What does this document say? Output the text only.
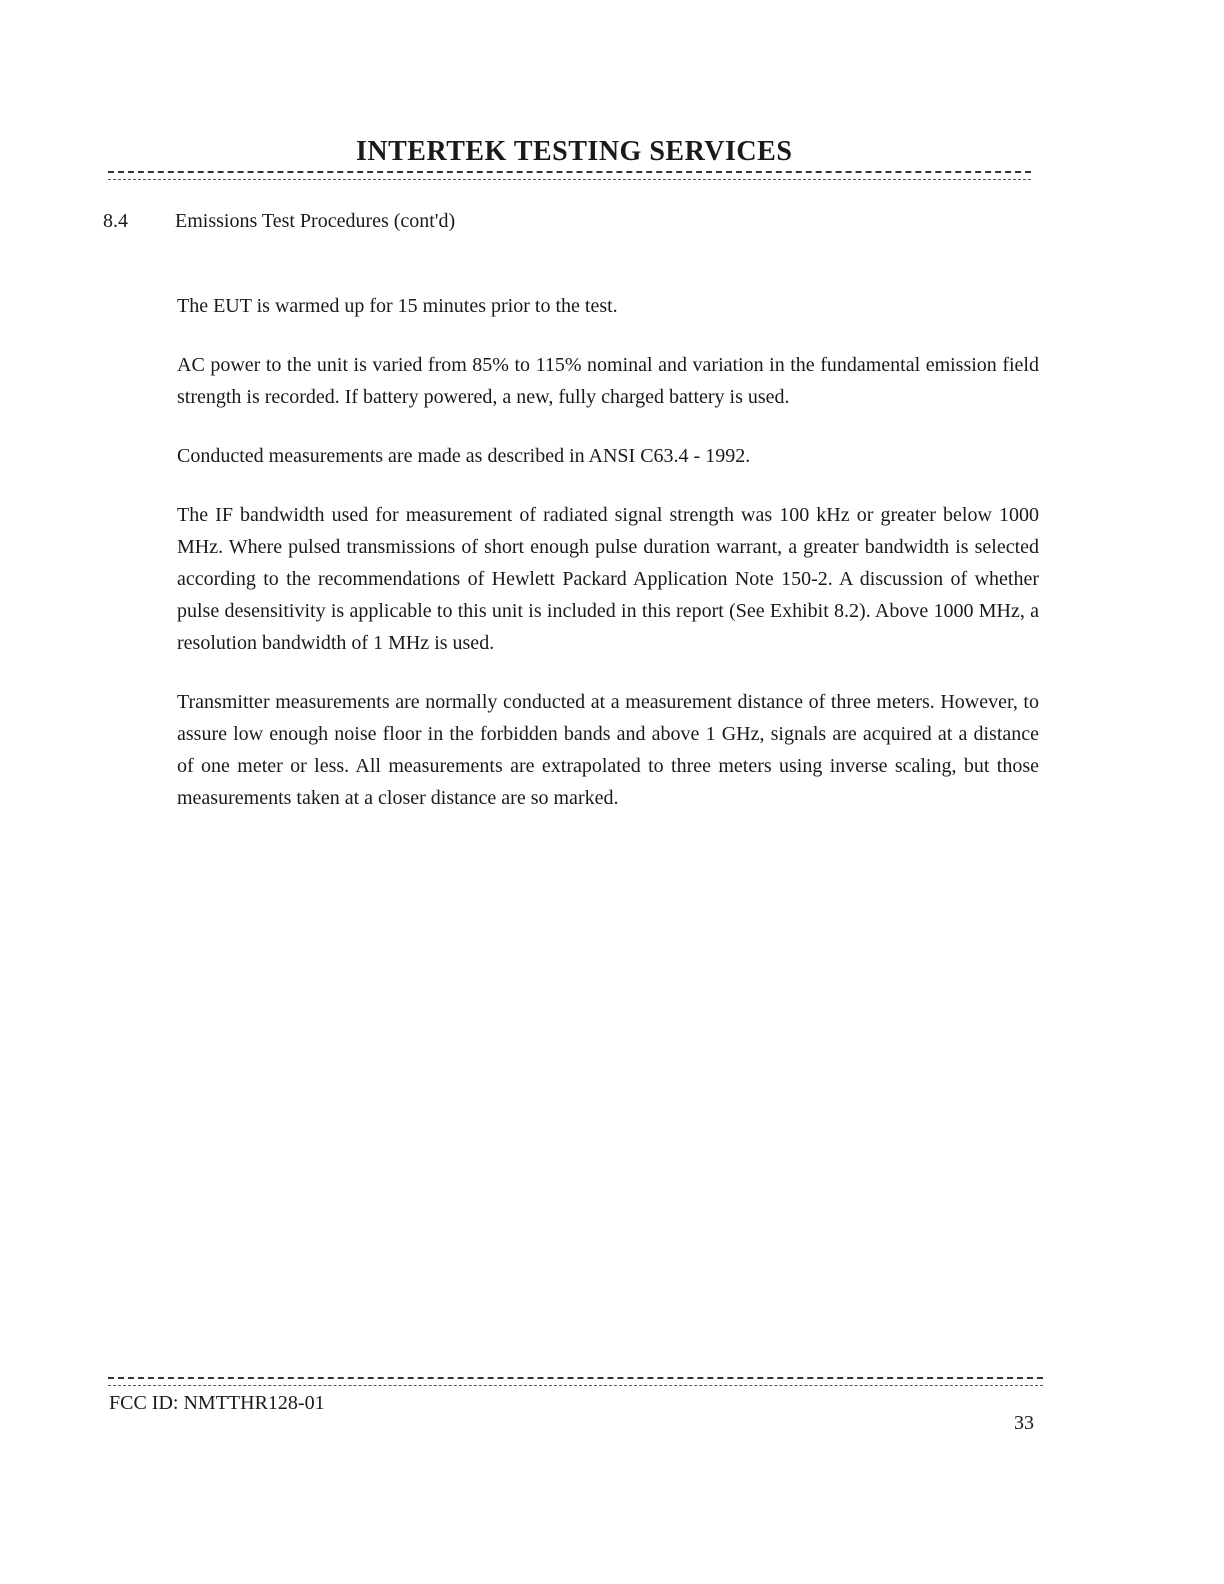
INTERTEK TESTING SERVICES
8.4 Emissions Test Procedures (cont'd)

The EUT is warmed up for 15 minutes prior to the test.

AC power to the unit is varied from 85% to 115% nominal and variation in the fundamental emission field strength is recorded. If battery powered, a new, fully charged battery is used.

Conducted measurements are made as described in ANSI C63.4 - 1992.

The IF bandwidth used for measurement of radiated signal strength was 100 kHz or greater below 1000 MHz. Where pulsed transmissions of short enough pulse duration warrant, a greater bandwidth is selected according to the recommendations of Hewlett Packard Application Note 150-2. A discussion of whether pulse desensitivity is applicable to this unit is included in this report (See Exhibit 8.2). Above 1000 MHz, a resolution bandwidth of 1 MHz is used.

Transmitter measurements are normally conducted at a measurement distance of three meters. However, to assure low enough noise floor in the forbidden bands and above 1 GHz, signals are acquired at a distance of one meter or less. All measurements are extrapolated to three meters using inverse scaling, but those measurements taken at a closer distance are so marked.

FCC ID: NMTTHR128-01
33
